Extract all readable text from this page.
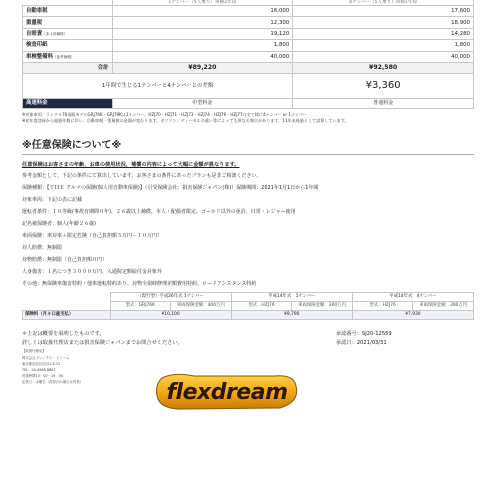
	1ナンバー（5人乗り）車検2年毎	4ナンバー（5人乗り）車検1年毎
自動車税	16,000	17,600
重量税	12,300	18,900
自賠責（本土用価格）	19,120	14,280
検査印紙	1,800	1,800
車検整備料（参考価格）	40,000	40,000
合計	¥89,220	¥92,580
1年間で生じる1ナンバーと4ナンバーとの差額		¥3,360
高速料金	中型料金	普通料金
※対象車両：ランクル70再販モデルGRJ76K・GRJ79Kは1ナンバー、HZJ70・HZJ71・HZJ73・HZJ74・HZJ76・HZJ77は全て様に4ナンバー or 1ナンバー
※初年度登録から経過年数に伴い、自動車税・重量税の金額が変わります。ガソリン／ディーゼルの違い等によっても異なる場合があります。11年未経過として試算しています。
※任意保険について※
任意保険はお客さまの年齢、お車の使用状況、補償の内容によって大幅に金額が異なります。
参考金額として、下記の条件にて算出しています。お客さまの条件にあったプランも是非ご相談ください。
保険種類：【ＴＨＥ クルマの保険(個人用自動車保険)】（引受保険会社：損害保険ジャパン(株)）保険期間：2021年1月1日から1年間
対象車両：下記の表に記載
運転者条件：１０等級(事故有期間０年)、２６歳以上補償、本人・配偶者限定、ゴールド以外の免許、日常・レジャー使用
記名被保険者：個人(年齢２６歳)
車両保険：車対車＋限定危険（自己負担額５万円－１０万円）
対人賠償：無制限
対物賠償：無制限（自己負担額０円）
人身傷害：１名につき３０００万円、入通院定額給付金対象外
その他：無保険車傷害特約・他車運転特約あり、対物全損時修理差額費用特約、ロードアシスタンス特約
	（現行型）平成26年式 1ナンバー		平成14年式　1ナンバー		平成14年式　4ナンバー	
	型式：GRJ76K	車両保険金額：400万円	型式：HZJ76	車両保険金額：300万円	型式：HZJ76	車両保険金額：300万円
保険料（月々口座支払）	¥10,100		¥9,790		¥7,930	
＊上記は概要を説明したものです。
詳しくは取扱代理店または損害保険ジャパンまでお問合せください。
【取扱代理店】
株式会社フレックス・ドリーム
東京都渋谷区渋谷1-6-11
TEL：04-4968-8887
営業時間10：00～19：00
定休日：水曜日（祝祭日の場合は営業）
承認番号：SJ20-12559
承認日：2021/03/31
flexdream
